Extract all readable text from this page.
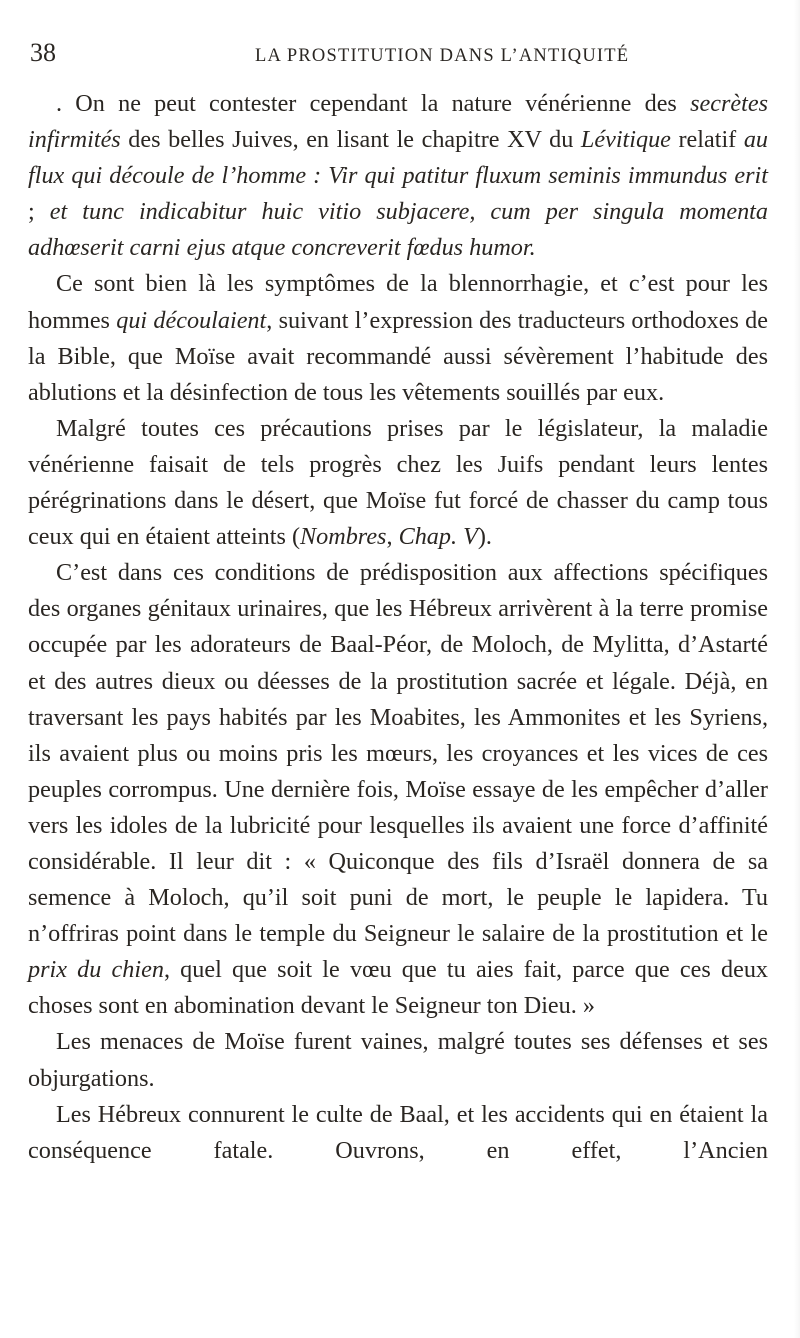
38	LA PROSTITUTION DANS L’ANTIQUITÉ

. On ne peut contester cependant la nature vénérienne des secrètes infirmités des belles Juives, en lisant le chapitre XV du Lévitique relatif au flux qui découle de l’homme : Vir qui patitur fluxum seminis immundus erit ; et tunc indicabitur huic vitio subjacere, cum per singula momenta adhœserit carni ejus atque concreverit fœdus humor.

Ce sont bien là les symptômes de la blennorrhagie, et c’est pour les hommes qui découlaient, suivant l’expression des traducteurs orthodoxes de la Bible, que Moïse avait recommandé aussi sévèrement l’habitude des ablutions et la désinfection de tous les vêtements souillés par eux.

Malgré toutes ces précautions prises par le législateur, la maladie vénérienne faisait de tels progrès chez les Juifs pendant leurs lentes pérégrinations dans le désert, que Moïse fut forcé de chasser du camp tous ceux qui en étaient atteints (Nombres, Chap. V).

C’est dans ces conditions de prédisposition aux affections spécifiques des organes génitaux urinaires, que les Hébreux arrivèrent à la terre promise occupée par les adorateurs de Baal-Péor, de Moloch, de Mylitta, d’Astarté et des autres dieux ou déesses de la prostitution sacrée et légale. Déjà, en traversant les pays habités par les Moabites, les Ammonites et les Syriens, ils avaient plus ou moins pris les mœurs, les croyances et les vices de ces peuples corrompus. Une dernière fois, Moïse essaye de les empêcher d’aller vers les idoles de la lubricité pour lesquelles ils avaient une force d’affinité considérable. Il leur dit : « Quiconque des fils d’Israël donnera de sa semence à Moloch, qu’il soit puni de mort, le peuple le lapidera. Tu n’offriras point dans le temple du Seigneur le salaire de la prostitution et le prix du chien, quel que soit le vœu que tu aies fait, parce que ces deux choses sont en abomination devant le Seigneur ton Dieu. »

Les menaces de Moïse furent vaines, malgré toutes ses défenses et ses objurgations.

Les Hébreux connurent le culte de Baal, et les accidents qui en étaient la conséquence fatale. Ouvrons, en effet, l’Ancien
